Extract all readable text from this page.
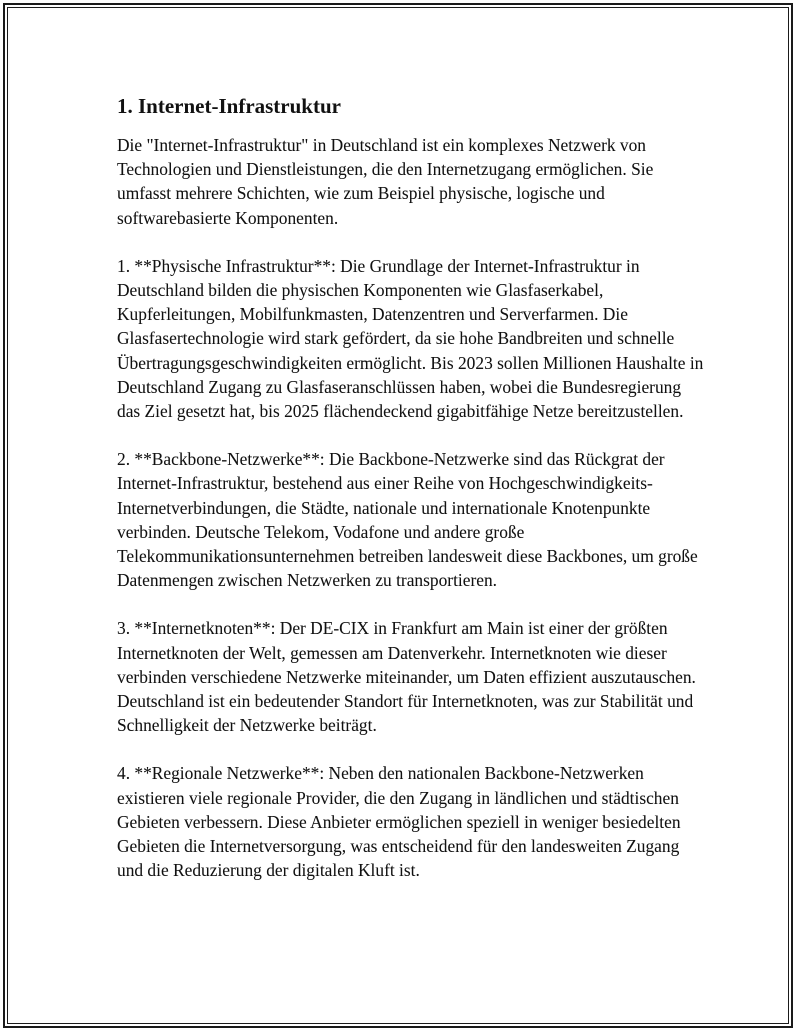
1. Internet-Infrastruktur

Die "Internet-Infrastruktur" in Deutschland ist ein komplexes Netzwerk von Technologien und Dienstleistungen, die den Internetzugang ermöglichen. Sie umfasst mehrere Schichten, wie zum Beispiel physische, logische und softwarebasierte Komponenten.

1. **Physische Infrastruktur**: Die Grundlage der Internet-Infrastruktur in Deutschland bilden die physischen Komponenten wie Glasfaserkabel, Kupferleitungen, Mobilfunkmasten, Datenzentren und Serverfarmen. Die Glasfasertechnologie wird stark gefördert, da sie hohe Bandbreiten und schnelle Übertragungsgeschwindigkeiten ermöglicht. Bis 2023 sollen Millionen Haushalte in Deutschland Zugang zu Glasfaseranschlüssen haben, wobei die Bundesregierung das Ziel gesetzt hat, bis 2025 flächendeckend gigabitfähige Netze bereitzustellen.

2. **Backbone-Netzwerke**: Die Backbone-Netzwerke sind das Rückgrat der Internet-Infrastruktur, bestehend aus einer Reihe von Hochgeschwindigkeits-Internetverbindungen, die Städte, nationale und internationale Knotenpunkte verbinden. Deutsche Telekom, Vodafone und andere große Telekommunikationsunternehmen betreiben landesweit diese Backbones, um große Datenmengen zwischen Netzwerken zu transportieren.

3. **Internetknoten**: Der DE-CIX in Frankfurt am Main ist einer der größten Internetknoten der Welt, gemessen am Datenverkehr. Internetknoten wie dieser verbinden verschiedene Netzwerke miteinander, um Daten effizient auszutauschen. Deutschland ist ein bedeutender Standort für Internetknoten, was zur Stabilität und Schnelligkeit der Netzwerke beiträgt.

4. **Regionale Netzwerke**: Neben den nationalen Backbone-Netzwerken existieren viele regionale Provider, die den Zugang in ländlichen und städtischen Gebieten verbessern. Diese Anbieter ermöglichen speziell in weniger besiedelten Gebieten die Internetversorgung, was entscheidend für den landesweiten Zugang und die Reduzierung der digitalen Kluft ist.
